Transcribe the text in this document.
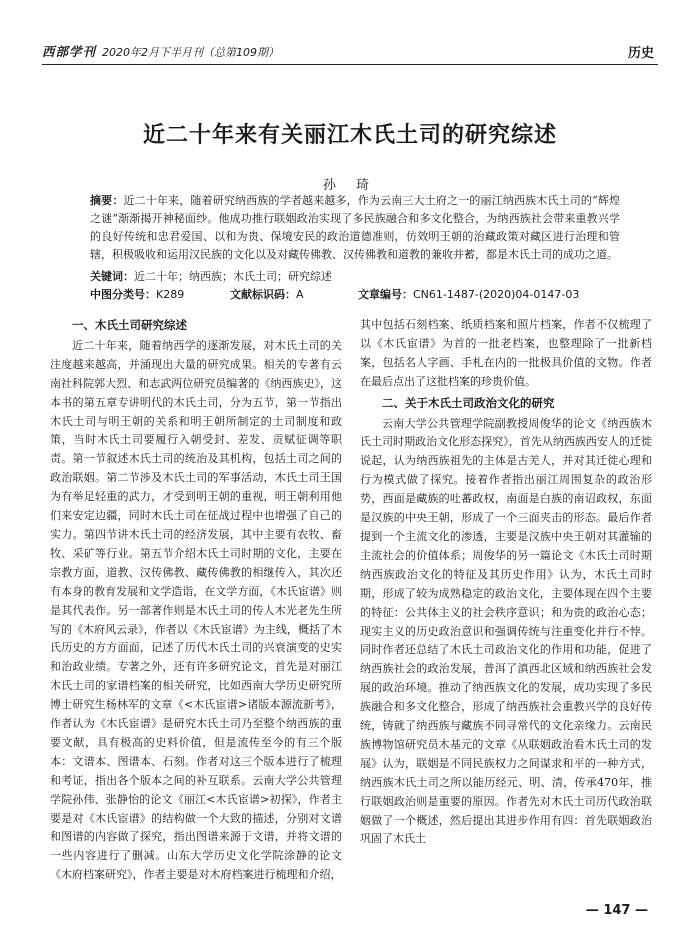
西部学刊 2020年2月下半月刊（总第109期）	历史
近二十年来有关丽江木氏土司的研究综述
孙 琦
摘要：近二十年来，随着研究纳西族的学者越来越多，作为云南三大土府之一的丽江纳西族木氏土司的“辉煌之谜”渐渐揭开神秘面纱。他成功推行联姻政治实现了多民族融合和多文化整合，为纳西族社会带来重教兴学的良好传统和忠君爱国、以和为贵、保境安民的政治道德准则，仿效明王朝的治藏政策对藏区进行治理和管辖，积极吸收和运用汉民族的文化以及对藏传佛教、汉传佛教和道教的兼收并蓄，都是木氏土司的成功之道。
关键词：近二十年；纳西族；木氏土司；研究综述
中图分类号：K289	文献标识码：A	文章编号：CN61-1487-(2020)04-0147-03

一、木氏土司研究综述

近二十年来，随着纳西学的逐渐发展，对木氏土司的关注度越来越高，并涌现出大量的研究成果。相关的专著有云南社科院郭大烈、和志武两位研究员编著的《纳西族史》，这本书的第五章专讲明代的木氏土司，分为五节，第一节指出木氏土司与明王朝的关系和明王朝所制定的土司制度和政策，当时木氏土司要履行入朝受封、差发、贡赋征调等职责。第一节叙述木氏土司的统治及其机构，包括土司之间的政治联姻。第二节涉及木氏土司的军事活动，木氏土司王国为有举足轻重的武力，才受到明王朝的重视，明王朝利用他们来安定边疆，同时木氏土司在征战过程中也增强了自己的实力。第四节讲木氏土司的经济发展，其中主要有农牧、畜牧、采矿等行业。第五节介绍木氏土司时期的文化，主要在宗教方面，道教、汉传佛教、藏传佛教的相继传入，其次还有本身的教育发展和文学造诣，在文学方面，《木氏宦谱》则是其代表作。另一部著作则是木氏土司的传人木光老先生所写的《木府风云录》，作者以《木氏宦谱》为主线，概括了木氏历史的方方面面，记述了历代木氏土司的兴衰演变的史实和治政业绩。专著之外，还有许多研究论文，首先是对丽江木氏土司的家谱档案的相关研究，比如西南大学历史研究所博士研究生杨林军的文章《<木氏宦谱>诸版本源流新考》，作者认为《木氏宦谱》是研究木氏土司乃至整个纳西族的重要文献，具有极高的史料价值，但是流传至今的有三个版本：文谱本、图谱本、石刻。作者对这三个版本进行了梳理和考证，指出各个版本之间的补互联系。云南大学公共管理学院孙伟、张静怡的论文《丽江<木氏宦谱>初探》，作者主要是对《木氏宦谱》的结构做一个大致的描述，分别对文谱和图谱的内容做了探究，指出图谱来源于文谱，并将文谱的一些内容进行了删减。山东大学历史文化学院涂静的论文《木府档案研究》，作者主要是对木府档案进行梳理和介绍，

其中包括石刻档案、纸质档案和照片档案，作者不仅梳理了以《木氏宦谱》为首的一批老档案，也整理除了一批新档案，包括名人字画、手札在内的一批极具价值的文物。作者在最后点出了这批档案的珍贵价值。

二、关于木氏土司政治文化的研究

云南大学公共管理学院副教授周俊华的论文《纳西族木氏土司时期政治文化形态探究》，首先从纳西族西安人的迁徙说起，认为纳西族祖先的主体是古羌人，并对其迁徙心理和行为模式做了探究。接着作者指出丽江周围复杂的政治形势，西面是藏族的吐蕃政权，南面是白族的南诏政权，东面是汉族的中央王朝，形成了一个三面夹击的形态。最后作者提到一个主流文化的渗透，主要是汉族中央王朝对其灌输的主流社会的价值体系；周俊华的另一篇论文《木氏土司时期纳西族政治文化的特征及其历史作用》认为，木氏土司时期，形成了较为成熟稳定的政治文化，主要体现在四个主要的特征：公共体主义的社会秩序意识；和为贵的政治心态；现实主义的历史政治意识和强调传统与注重变化并行不悖。同时作者还总结了木氏土司政治文化的作用和功能，促进了纳西族社会的政治发展，普洱了滇西北区域和纳西族社会发展的政治环境。推动了纳西族文化的发展，成功实现了多民族融合和多文化整合，形成了纳西族社会重教兴学的良好传统，铸就了纳西族与藏族不同寻常代的文化亲缘力。云南民族博物馆研究员木基元的文章《从联姻政治看木氏土司的发展》认为，联姻是不同民族权力之间谋求和平的一种方式，纳西族木氏土司之所以能历经元、明、清，传承470年，推行联姻政治则是重要的原因。作者先对木氏土司历代政治联姻做了一个概述，然后提出其进步作用有四：首先联姻政治巩固了木氏土

— 147 —
